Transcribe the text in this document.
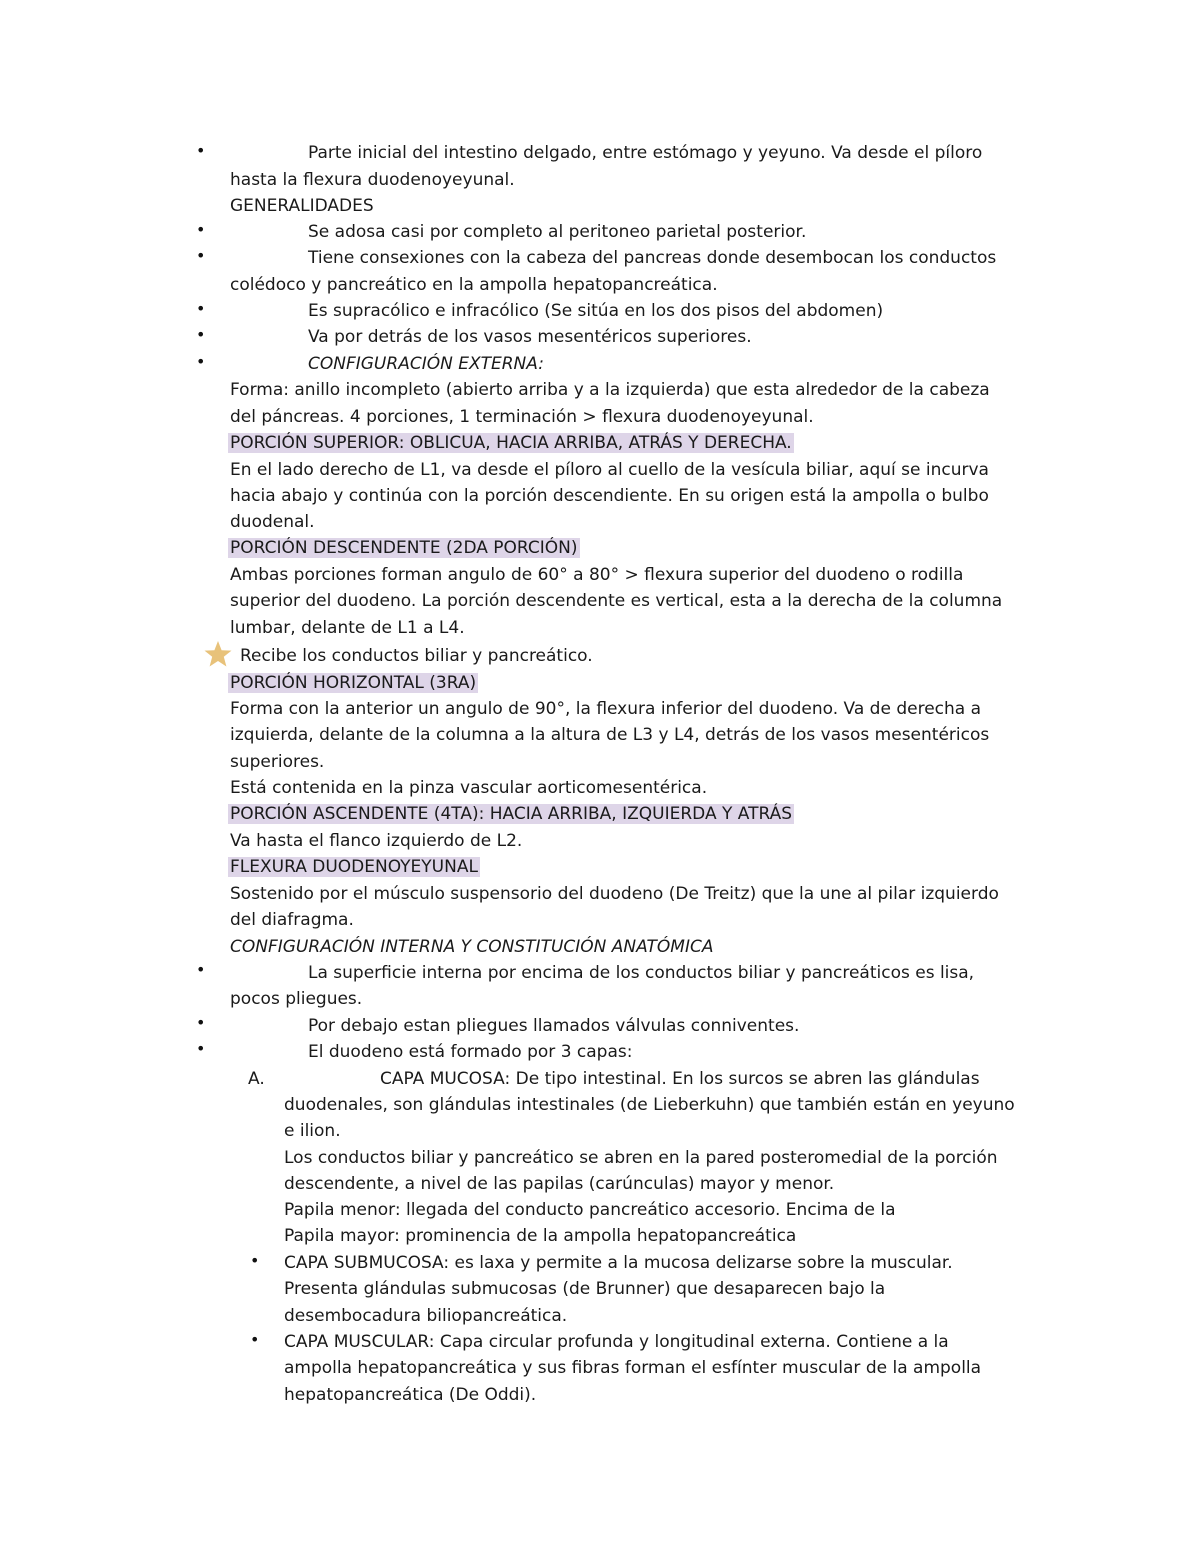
•
•
•
•
•
•
•
•
•
A.
•
•
Parte inicial del intestino delgado, entre estómago y yeyuno. Va desde el píloro
hasta la flexura duodenoyeyunal.
GENERALIDADES
Se adosa casi por completo al peritoneo parietal posterior.
Tiene consexiones con la cabeza del pancreas donde desembocan los conductos
colédoco y pancreático en la ampolla hepatopancreática.
Es supracólico e infracólico (Se sitúa en los dos pisos del abdomen)
Va por detrás de los vasos mesentéricos superiores.
CONFIGURACIÓN EXTERNA:
Forma: anillo incompleto (abierto arriba y a la izquierda) que esta alrededor de la cabeza
del páncreas. 4 porciones, 1 terminación > flexura duodenoyeyunal.
PORCIÓN SUPERIOR: OBLICUA, HACIA ARRIBA, ATRÁS Y DERECHA.
En el lado derecho de L1, va desde el píloro al cuello de la vesícula biliar, aquí se incurva
hacia abajo y continúa con la porción descendiente. En su origen está la ampolla o bulbo
duodenal.
PORCIÓN DESCENDENTE (2DA PORCIÓN)
Ambas porciones forman angulo de 60° a 80° > flexura superior del duodeno o rodilla
superior del duodeno. La porción descendente es vertical, esta a la derecha de la columna
lumbar, delante de L1 a L4.
Recibe los conductos biliar y pancreático.
PORCIÓN HORIZONTAL (3RA)
Forma con la anterior un angulo de 90°, la flexura inferior del duodeno. Va de derecha a
izquierda, delante de la columna a la altura de L3 y L4, detrás de los vasos mesentéricos
superiores.
Está contenida en la pinza vascular aorticomesentérica.
PORCIÓN ASCENDENTE (4TA): HACIA ARRIBA, IZQUIERDA Y ATRÁS
Va hasta el flanco izquierdo de L2.
FLEXURA DUODENOYEYUNAL
Sostenido por el músculo suspensorio del duodeno (De Treitz) que la une al pilar izquierdo
del diafragma.
CONFIGURACIÓN INTERNA Y CONSTITUCIÓN ANATÓMICA
La superficie interna por encima de los conductos biliar y pancreáticos es lisa,
pocos pliegues.
Por debajo estan pliegues llamados válvulas conniventes.
El duodeno está formado por 3 capas:
CAPA MUCOSA: De tipo intestinal. En los surcos se abren las glándulas
duodenales, son glándulas intestinales (de Lieberkuhn) que también están en yeyuno
e ilion.
Los conductos biliar y pancreático se abren en la pared posteromedial de la porción
descendente, a nivel de las papilas (carúnculas) mayor y menor.
Papila menor: llegada del conducto pancreático accesorio. Encima de la
Papila mayor: prominencia de la ampolla hepatopancreática
CAPA SUBMUCOSA: es laxa y permite a la mucosa delizarse sobre la muscular.
Presenta glándulas submucosas (de Brunner) que desaparecen bajo la
desembocadura biliopancreática.
CAPA MUSCULAR: Capa circular profunda y longitudinal externa. Contiene a la
ampolla hepatopancreática y sus fibras forman el esfínter muscular de la ampolla
hepatopancreática (De Oddi).
